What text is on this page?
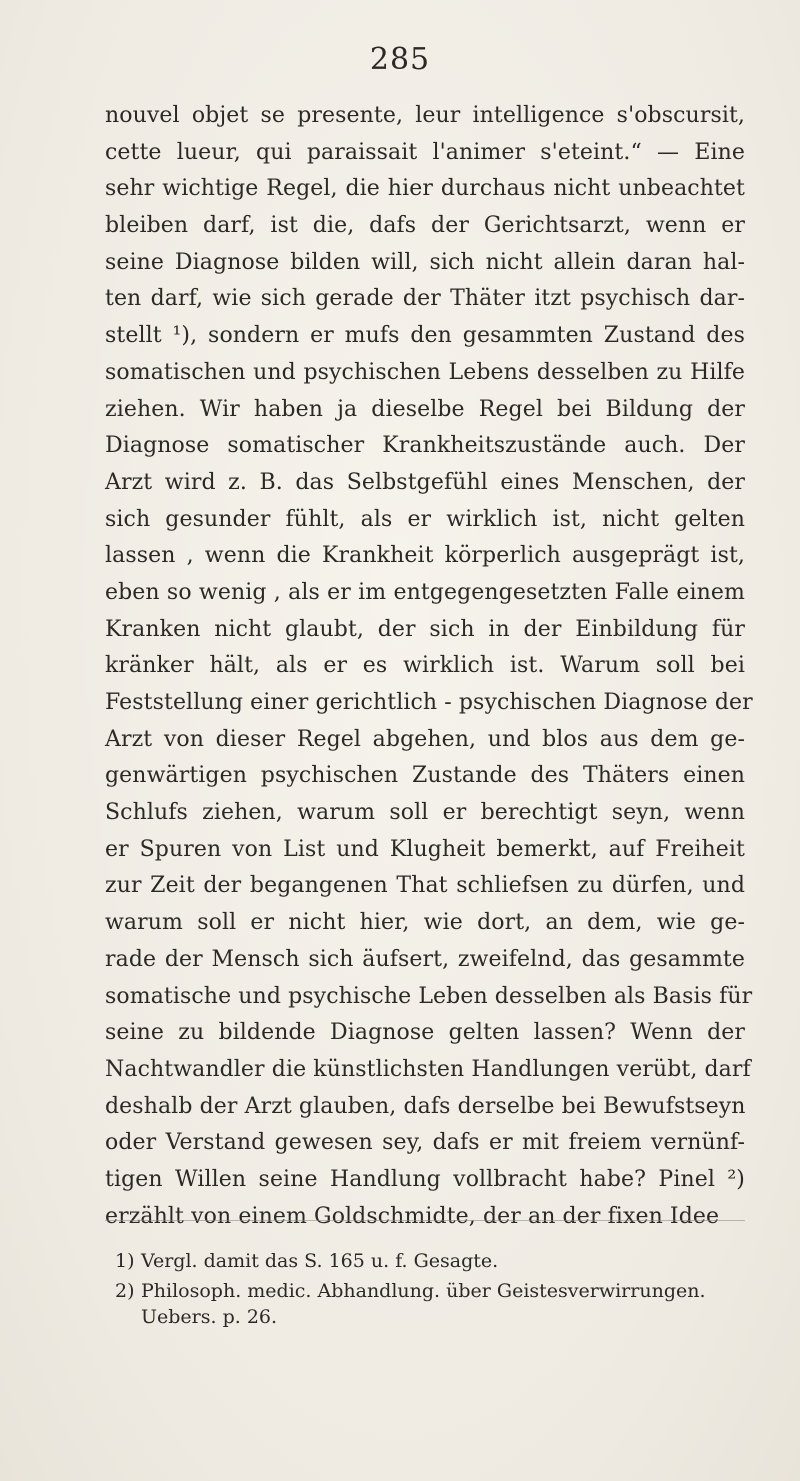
285
nouvel objet se presente, leur intelligence s'obscursit,
cette lueur, qui paraissait l'animer s'eteint.“ — Eine
sehr wichtige Regel, die hier durchaus nicht unbeachtet
bleiben darf, ist die, dafs der Gerichtsarzt, wenn er
seine Diagnose bilden will, sich nicht allein daran hal-
ten darf, wie sich gerade der Thäter itzt psychisch dar-
stellt ¹), sondern er mufs den gesammten Zustand des
somatischen und psychischen Lebens desselben zu Hilfe
ziehen. Wir haben ja dieselbe Regel bei Bildung der
Diagnose somatischer Krankheitszustände auch. Der
Arzt wird z. B. das Selbstgefühl eines Menschen, der
sich gesunder fühlt, als er wirklich ist, nicht gelten
lassen , wenn die Krankheit körperlich ausgeprägt ist,
eben so wenig , als er im entgegengesetzten Falle einem
Kranken nicht glaubt, der sich in der Einbildung für
kränker hält, als er es wirklich ist. Warum soll bei
Feststellung einer gerichtlich - psychischen Diagnose der
Arzt von dieser Regel abgehen, und blos aus dem ge-
genwärtigen psychischen Zustande des Thäters einen
Schlufs ziehen, warum soll er berechtigt seyn, wenn
er Spuren von List und Klugheit bemerkt, auf Freiheit
zur Zeit der begangenen That schliefsen zu dürfen, und
warum soll er nicht hier, wie dort, an dem, wie ge-
rade der Mensch sich äufsert, zweifelnd, das gesammte
somatische und psychische Leben desselben als Basis für
seine zu bildende Diagnose gelten lassen? Wenn der
Nachtwandler die künstlichsten Handlungen verübt, darf
deshalb der Arzt glauben, dafs derselbe bei Bewufstseyn
oder Verstand gewesen sey, dafs er mit freiem vernünf-
tigen Willen seine Handlung vollbracht habe? Pinel ²)
erzählt von einem Goldschmidte, der an der fixen Idee
1) Vergl. damit das S. 165 u. f. Gesagte.
2) Philosoph. medic. Abhandlung. über Geistesverwirrungen.
Uebers. p. 26.
